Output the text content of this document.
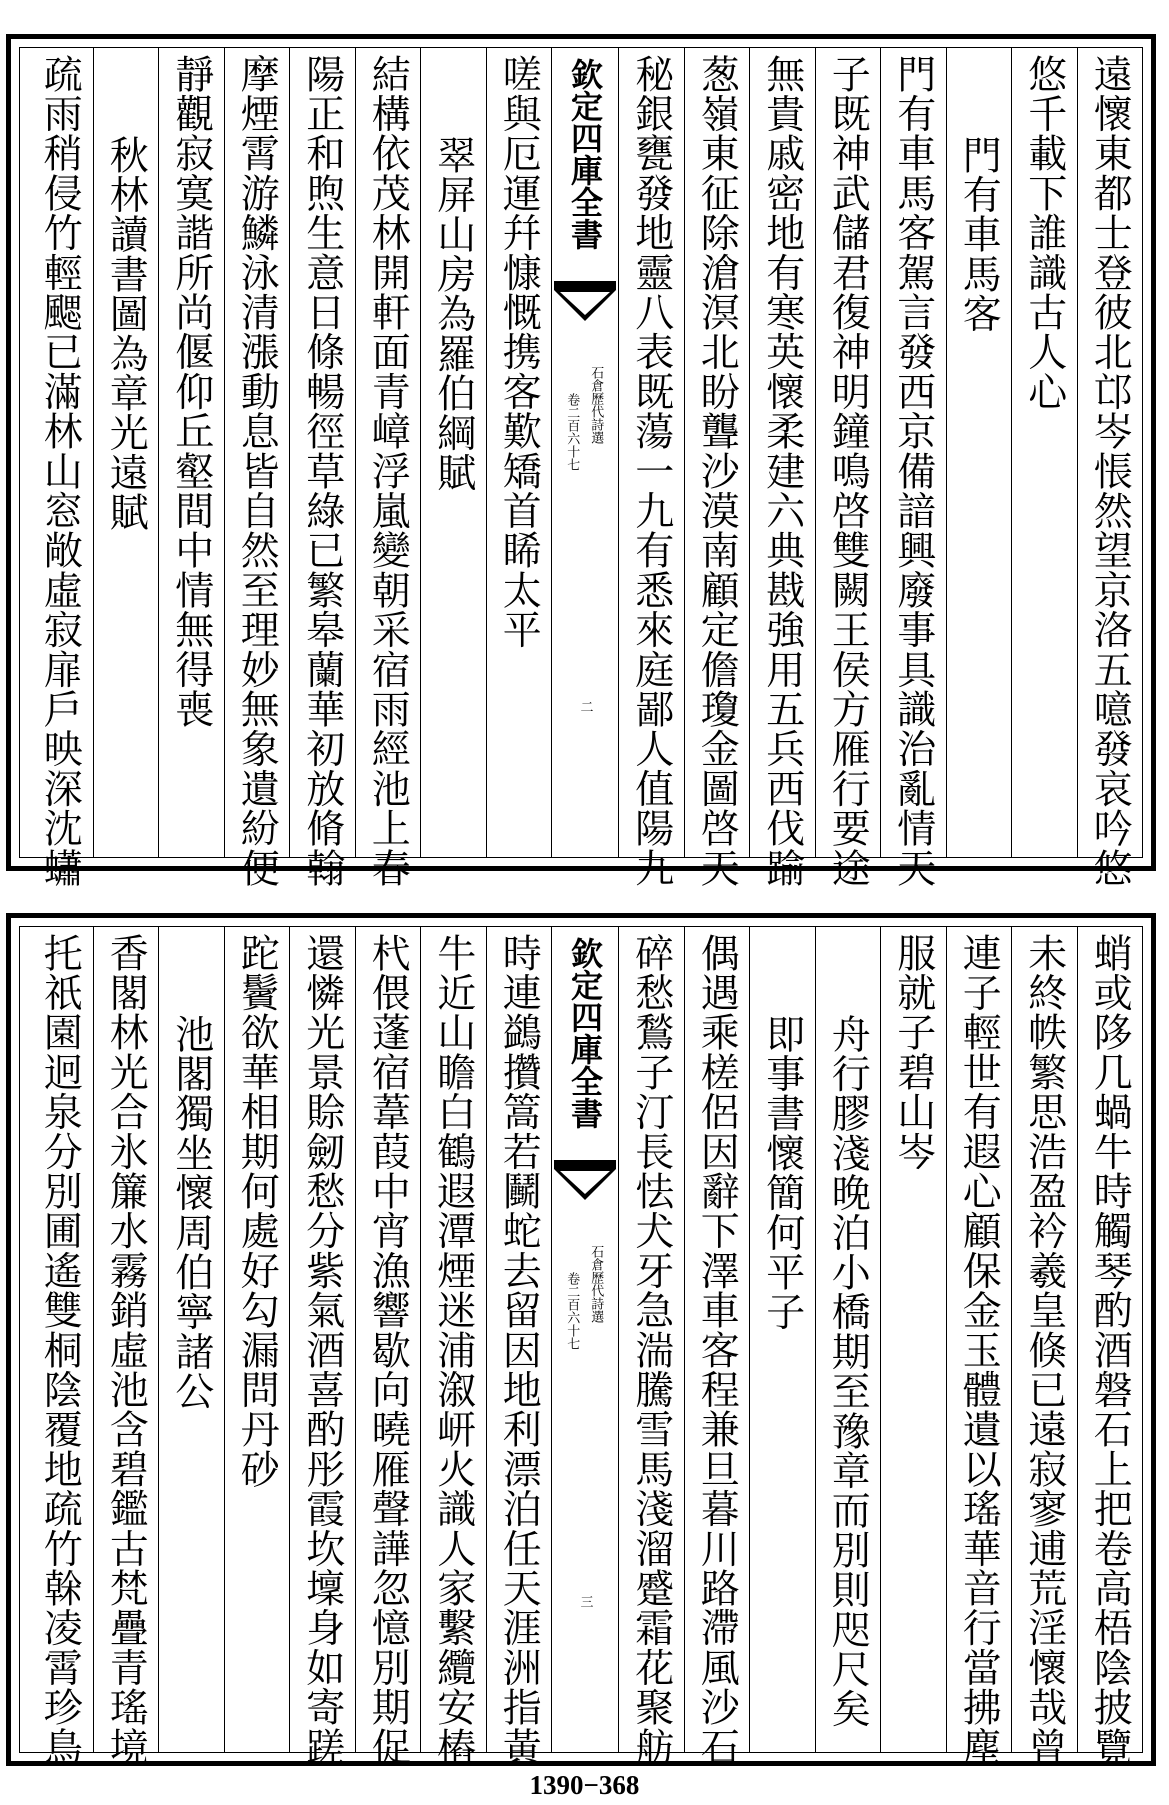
遠懷東都士登彼北邙岑悵然望京洛五噫發哀吟悠
悠千載下誰識古人心
門有車馬客
門有車馬客駕言發西京備諳興廢事具識治亂情天
子既神武儲君復神明鐘鳴啓雙闕王侯方雁行要途
無貴戚密地有寒英懷柔建六典戡強用五兵西伐踰
葱嶺東征除滄溟北盼聾沙漠南顧定儋瓊金圖啓天
秘銀甕發地靈八表既蕩一九有悉來庭鄙人值陽九
欽定四庫全書
石倉歷代詩選
卷二百六十七
二
嗟與厄運幷慷慨携客歎矯首睎太平
翠屏山房為羅伯綱賦
結構依茂林開軒面青嶂浮嵐變朝采宿雨經池上春
陽正和煦生意日條暢徑草綠已繁皋蘭華初放脩翰
摩煙霄游鱗泳清漲動息皆自然至理妙無象遺紛便
靜觀寂寞諧所尚偃仰丘壑間中情無得喪
秋林讀書圖為章光遠賦
疏雨稍侵竹輕颸已滿林山窓敞虛寂扉戶映深沈蠨
蛸或陊几蝸牛時觸琴酌酒磐石上把卷高梧陰披覽
未終帙繁思浩盈衿羲皇倏已遠寂寥逋荒淫懷哉曾
連子輕世有遐心顧保金玉體遺以瑤華音行當拂塵
服就子碧山岑
舟行膠淺晚泊小橋期至豫章而別則咫尺矣
即事書懷簡何平子
偶遇乘槎侶因辭下澤車客程兼旦暮川路滯風沙石
碎愁鶖子汀長怯犬牙急湍騰雪馬淺溜蹙霜花聚舫
欽定四庫全書
石倉歷代詩選
卷二百六十七
三
時連鷁攢篙若鬭蛇去留因地利漂泊任天涯洲指黃
牛近山瞻白鶴遐潭煙迷浦溆岍火識人家繫纜安樁
杙偎蓬宿葦葭中宵漁響歇向曉雁聲譁忽憶別期促
還憐光景賒劒愁分紫氣酒喜酌彤霞坎壈身如寄蹉
跎鬢欲華相期何處好勾漏問丹砂
池閣獨坐懷周伯寧諸公
香閣林光合氷簾水霧銷虛池含碧鑑古梵疊青瑤境
托祇園迥泉分別圃遙雙桐陰覆地疏竹榦凌霄珍鳥
1390−368
